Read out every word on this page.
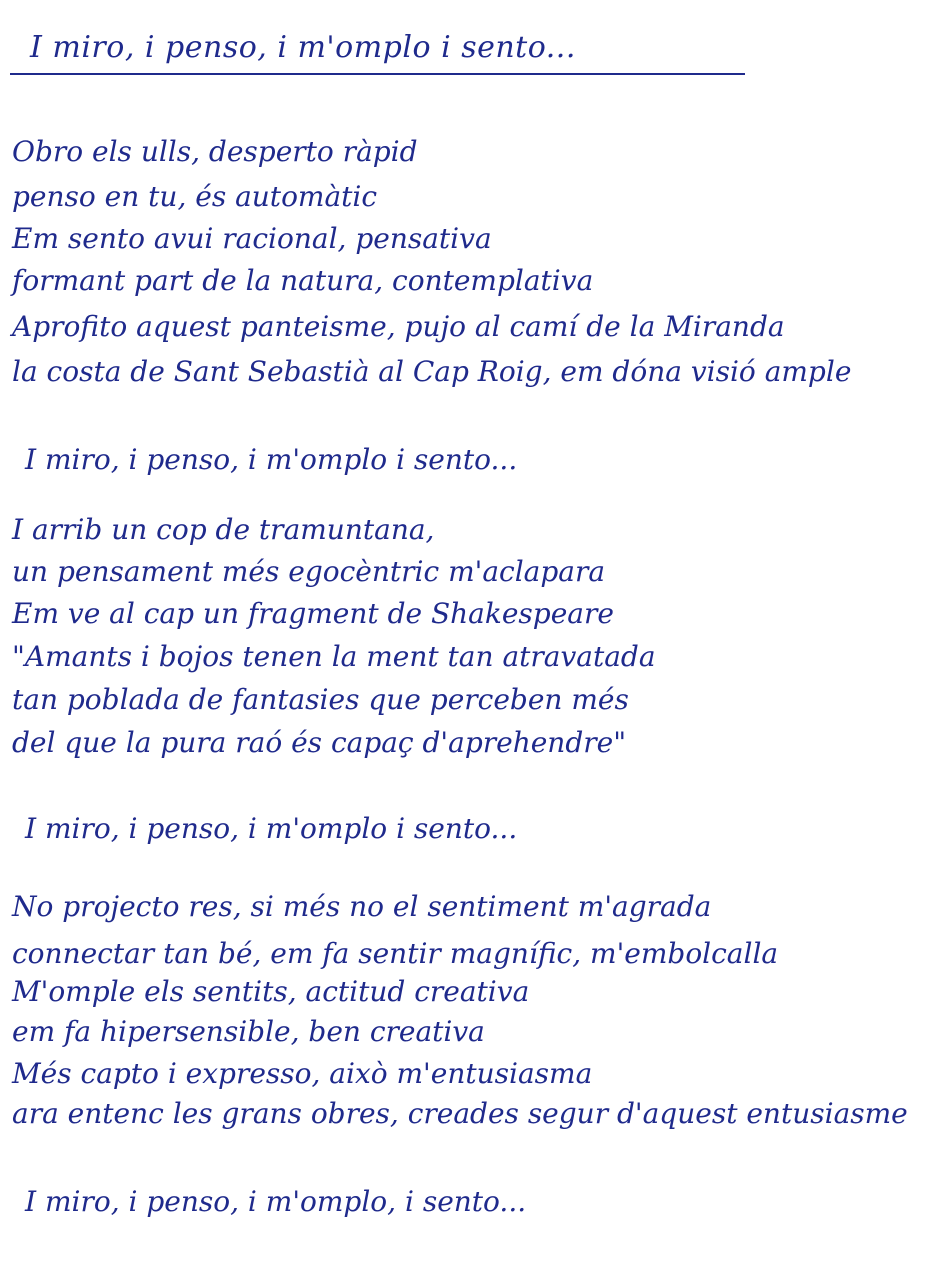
I miro, i penso, i m'omplo i sento...
Obro els ulls, desperto ràpid
penso en tu, és automàtic
Em sento avui racional, pensativa
formant part de la natura, contemplativa
Aprofito aquest panteisme, pujo al camí de la Miranda
la costa de Sant Sebastià al Cap Roig, em dóna visió ample
I miro, i penso, i m'omplo i sento...
I arrib un cop de tramuntana,
un pensament més egocèntric m'aclapara
Em ve al cap un fragment de Shakespeare
"Amants i bojos tenen la ment tan atravatada
tan poblada de fantasies que perceben més
del que la pura raó és capaç d'aprehendre"
I miro, i penso, i m'omplo i sento...
No projecto res, si més no el sentiment m'agrada
connectar tan bé, em fa sentir magnífic, m'embolcalla
M'omple els sentits, actitud creativa
em fa hipersensible, ben creativa
Més capto i expresso, això m'entusiasma
ara entenc les grans obres, creades segur d'aquest entusiasme
I miro, i penso, i m'omplo, i sento...
